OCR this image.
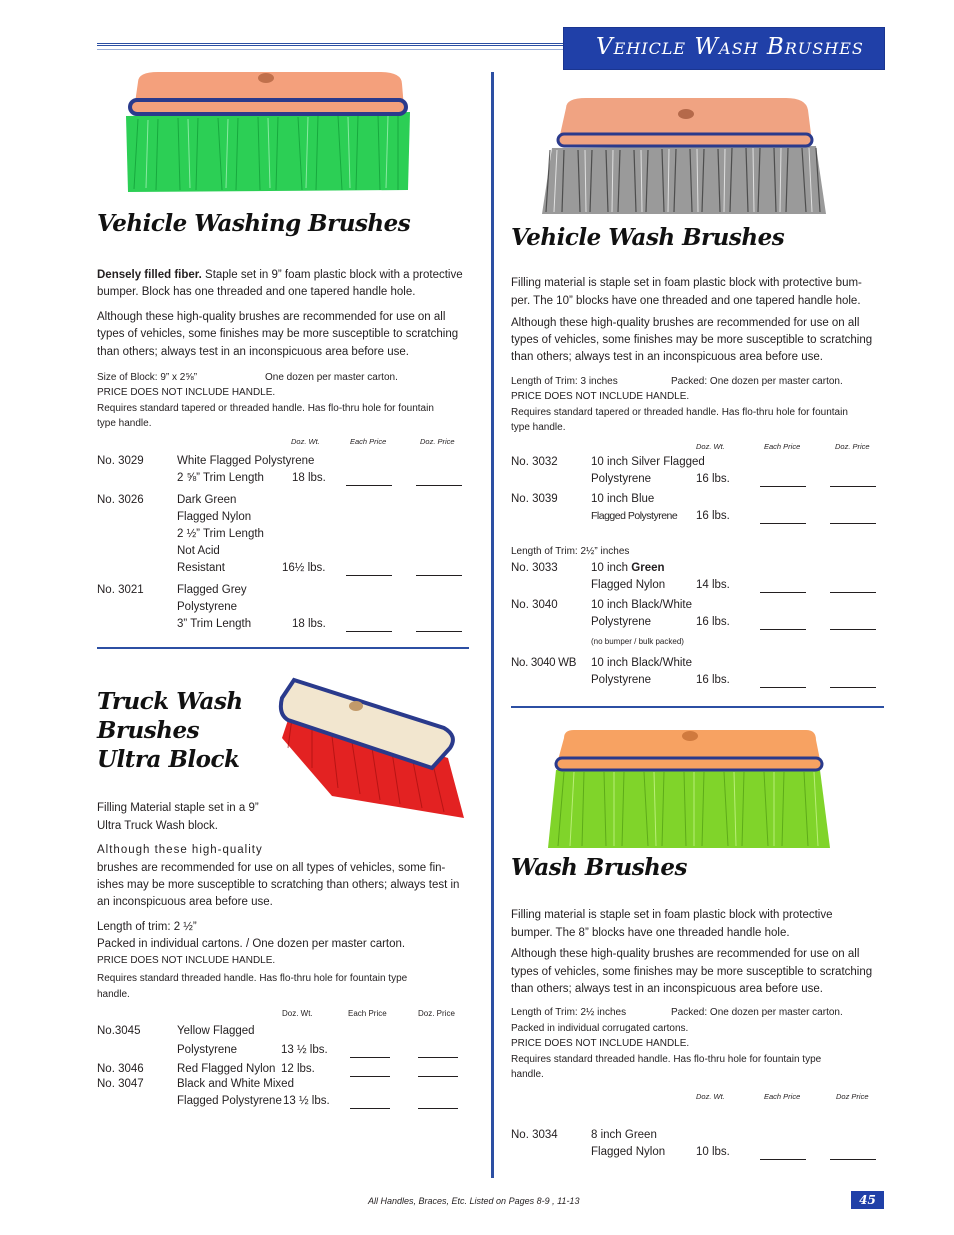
Vehicle Wash Brushes
Vehicle Washing Brushes
Densely filled fiber. Staple set in 9” foam plastic block with a protective
bumper. Block has one threaded and one tapered handle hole.
Although these high-quality brushes are recommended for use on all
types of vehicles, some finishes may be more susceptible to scratching
than others; always test in an inconspicuous area before use.
Size of Block: 9” x 2⅝”	One dozen per master carton.
PRICE DOES NOT INCLUDE HANDLE.
Requires standard tapered or threaded handle. Has flo-thru hole for fountain
type handle.
Doz. Wt.	Each Price	Doz. Price
No. 3029	White Flagged Polystyrene
2 ⅝” Trim Length 18 lbs.
No. 3026	Dark Green
Flagged Nylon
2 ½” Trim Length
Not Acid
Resistant	16½ lbs.
No. 3021	Flagged Grey
Polystyrene
3” Trim Length	18 lbs.
Truck Wash
Brushes
Ultra Block
Filling Material staple set in a 9”
Ultra Truck Wash block.
Although these high-quality
brushes are recommended for use on all types of vehicles, some fin-
ishes may be more susceptible to scratching than others; always test in
an inconspicuous area before use.
Length of trim: 2 ½”
Packed in individual cartons. / One dozen per master carton.
PRICE DOES NOT INCLUDE HANDLE.
Requires standard threaded handle. Has flo-thru hole for fountain type
handle.
Doz. Wt.	Each Price	Doz. Price
No.3045	Yellow Flagged
Polystyrene	13 ½ lbs.
No. 3046	Red Flagged Nylon 12 lbs.
No. 3047	Black and White Mixed
Flagged Polystyrene 13 ½ lbs.
Vehicle Wash Brushes
Filling material is staple set in foam plastic block with protective bum-
per. The 10” blocks have one threaded and one tapered handle hole.
Although these high-quality brushes are recommended for use on all
types of vehicles, some finishes may be more susceptible to scratching
than others; always test in an inconspicuous area before use.
Length of Trim: 3 inches	Packed: One dozen per master carton.
PRICE DOES NOT INCLUDE HANDLE.
Requires standard tapered or threaded handle. Has flo-thru hole for fountain
type handle.
Doz. Wt.	Each Price	Doz. Price
No. 3032	10 inch Silver Flagged
Polystyrene	16 lbs.
No. 3039	10 inch Blue
Flagged Polystyrene 16 lbs.
Length of Trim: 2½” inches
No. 3033	10 inch Green
Flagged Nylon	14 lbs.
No. 3040	10 inch Black/White
Polystyrene	16 lbs.
(no bumper / bulk packed)
No. 3040 WB 10 inch Black/White
Polystyrene	16 lbs.
Wash Brushes
Filling material is staple set in foam plastic block with protective
bumper. The 8” blocks have one threaded handle hole.
Although these high-quality brushes are recommended for use on all
types of vehicles, some finishes may be more susceptible to scratching
than others; always test in an inconspicuous area before use.
Length of Trim: 2½ inches	Packed: One dozen per master carton.
Packed in individual corrugated cartons.
PRICE DOES NOT INCLUDE HANDLE.
Requires standard threaded handle. Has flo-thru hole for fountain type
handle.
Doz. Wt.	Each Price	Doz Price
No. 3034	8 inch Green
Flagged Nylon	10 lbs.
All Handles, Braces, Etc. Listed on Pages 8-9 , 11-13	45
